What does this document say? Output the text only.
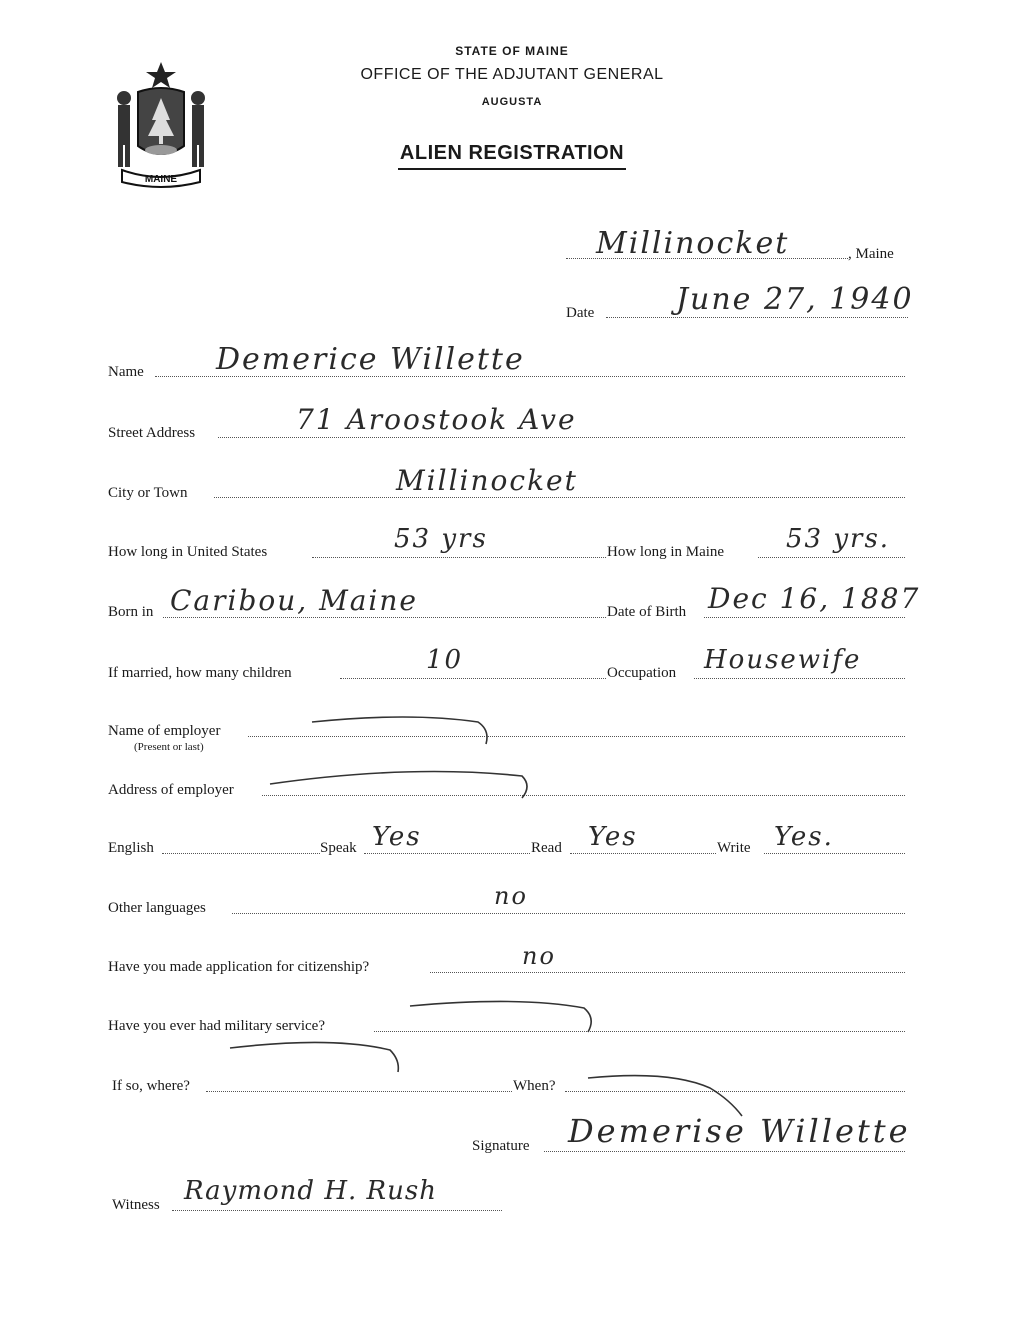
MAINE
STATE OF MAINE
OFFICE OF THE ADJUTANT GENERAL
AUGUSTA
ALIEN REGISTRATION
Millinocket	, Maine
Date	June 27, 1940
Name Demerice Willette
Street Address	71 Aroostook Ave
City or Town	Millinocket
How long in United States	53 yrs	How long in Maine 53 yrs.
Born in Caribou, Maine	Date of Birth Dec 16, 1887
If married, how many children	10	Occupation Housewife
Name of employer
(Present or last)
Address of employer
English	Speak Yes	Read Yes	Write Yes.
Other languages	no
Have you made application for citizenship?	no
Have you ever had military service?
If so, where?	When?
Signature Demerise Willette
Witness Raymond H. Rush
